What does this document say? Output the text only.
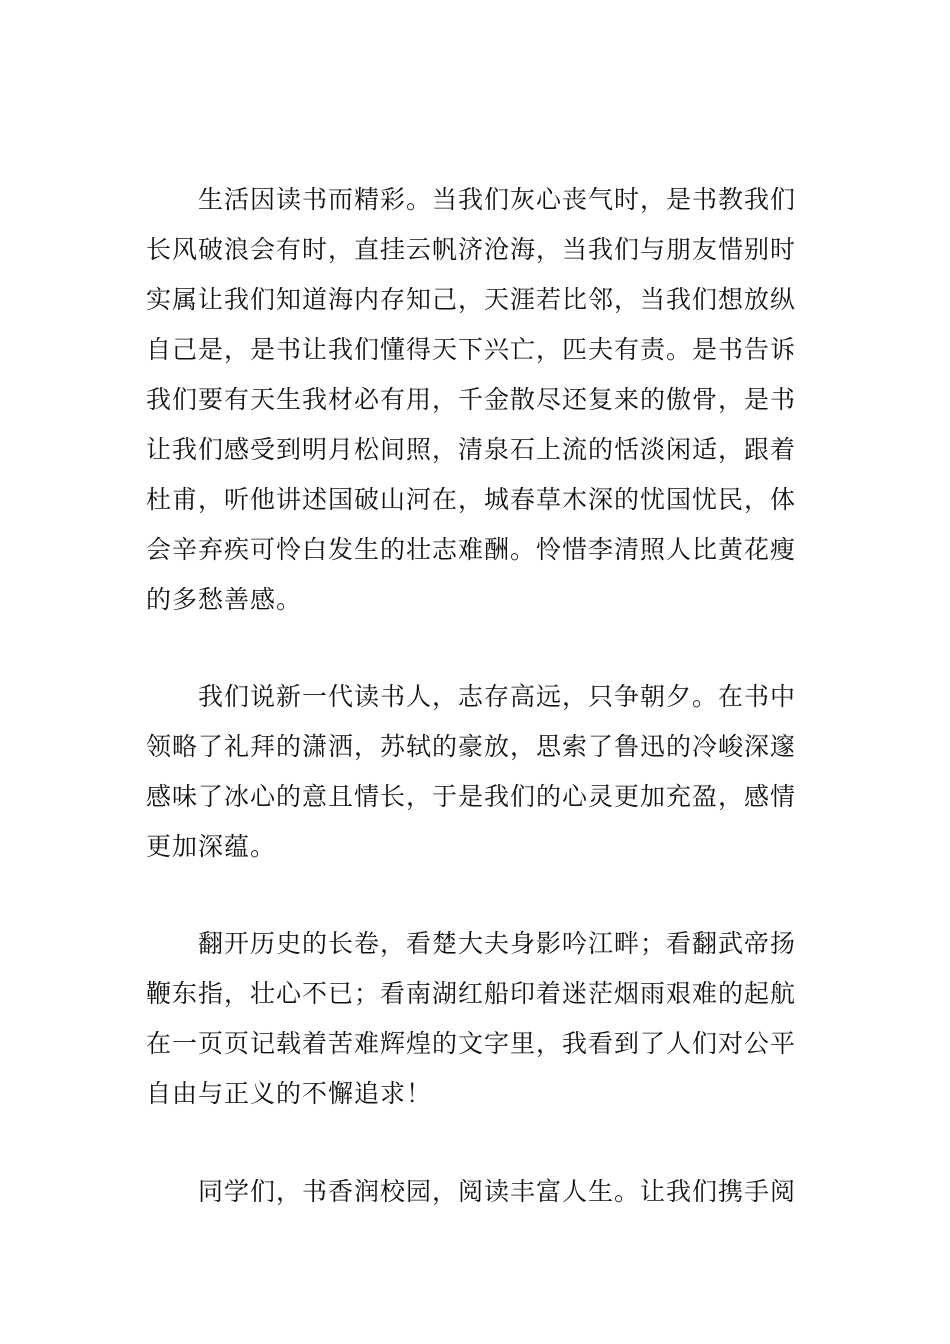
生活因读书而精彩。当我们灰心丧气时，是书教我们
长风破浪会有时，直挂云帆济沧海，当我们与朋友惜别时
实属让我们知道海内存知己，天涯若比邻，当我们想放纵
自己是，是书让我们懂得天下兴亡，匹夫有责。是书告诉
我们要有天生我材必有用，千金散尽还复来的傲骨，是书
让我们感受到明月松间照，清泉石上流的恬淡闲适，跟着
杜甫，听他讲述国破山河在，城春草木深的忧国忧民，体
会辛弃疾可怜白发生的壮志难酬。怜惜李清照人比黄花瘦
的多愁善感。
我们说新一代读书人，志存高远，只争朝夕。在书中
领略了礼拜的潇洒，苏轼的豪放，思索了鲁迅的冷峻深邃
感味了冰心的意且情长，于是我们的心灵更加充盈，感情
更加深蕴。
翻开历史的长卷，看楚大夫身影吟江畔；看翻武帝扬
鞭东指，壮心不已；看南湖红船印着迷茫烟雨艰难的起航
在一页页记载着苦难辉煌的文字里，我看到了人们对公平
自由与正义的不懈追求！
同学们，书香润校园，阅读丰富人生。让我们携手阅
